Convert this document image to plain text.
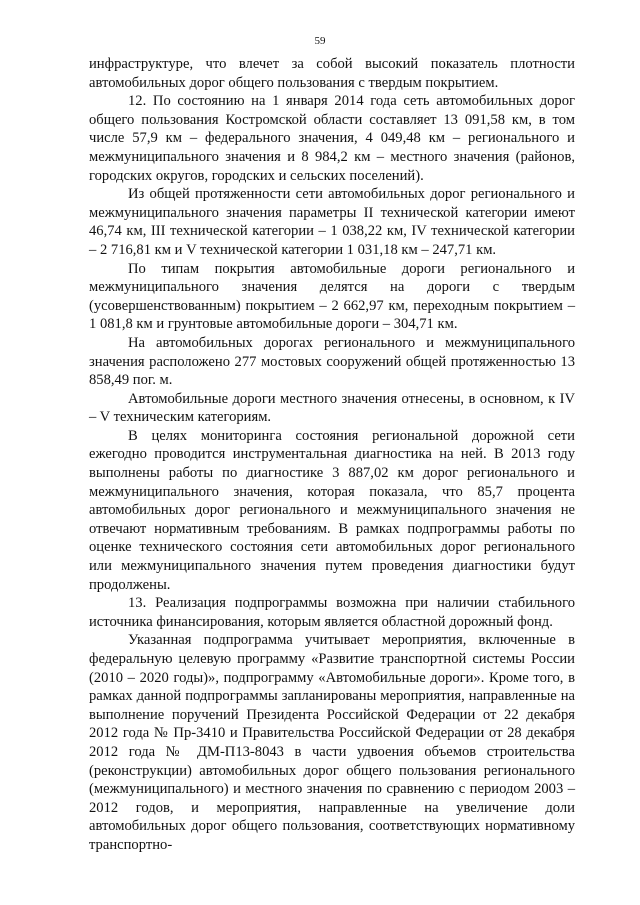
59

инфраструктуре, что влечет за собой высокий показатель плотности автомобильных дорог общего пользования с твердым покрытием.

12. По состоянию на 1 января 2014 года сеть автомобильных дорог общего пользования Костромской области составляет 13 091,58 км, в том числе 57,9 км – федерального значения, 4 049,48 км – регионального и межмуниципального значения и 8 984,2 км – местного значения (районов, городских округов, городских и сельских поселений).

Из общей протяженности сети автомобильных дорог регионального и межмуниципального значения параметры II технической категории имеют 46,74 км, III технической категории – 1 038,22 км, IV технической категории – 2 716,81 км и V технической категории 1 031,18 км – 247,71 км.

По типам покрытия автомобильные дороги регионального и межмуниципального значения делятся на дороги с твердым (усовершенствованным) покрытием – 2 662,97 км, переходным покрытием – 1 081,8 км и грунтовые автомобильные дороги – 304,71 км.

На автомобильных дорогах регионального и межмуниципального значения расположено 277 мостовых сооружений общей протяженностью 13 858,49 пог. м.

Автомобильные дороги местного значения отнесены, в основном, к IV – V техническим категориям.

В целях мониторинга состояния региональной дорожной сети ежегодно проводится инструментальная диагностика на ней. В 2013 году выполнены работы по диагностике 3 887,02 км дорог регионального и межмуниципального значения, которая показала, что 85,7 процента автомобильных дорог регионального и межмуниципального значения не отвечают нормативным требованиям. В рамках подпрограммы работы по оценке технического состояния сети автомобильных дорог регионального или межмуниципального значения путем проведения диагностики будут продолжены.

13. Реализация подпрограммы возможна при наличии стабильного источника финансирования, которым является областной дорожный фонд.

Указанная подпрограмма учитывает мероприятия, включенные в федеральную целевую программу «Развитие транспортной системы России (2010 – 2020 годы)», подпрограмму «Автомобильные дороги». Кроме того, в рамках данной подпрограммы запланированы мероприятия, направленные на выполнение поручений Президента Российской Федерации от 22 декабря 2012 года № Пр-3410 и Правительства Российской Федерации от 28 декабря 2012 года № ДМ-П13-8043 в части удвоения объемов строительства (реконструкции) автомобильных дорог общего пользования регионального (межмуниципального) и местного значения по сравнению с периодом 2003 – 2012 годов, и мероприятия, направленные на увеличение доли автомобильных дорог общего пользования, соответствующих нормативному транспортно-
